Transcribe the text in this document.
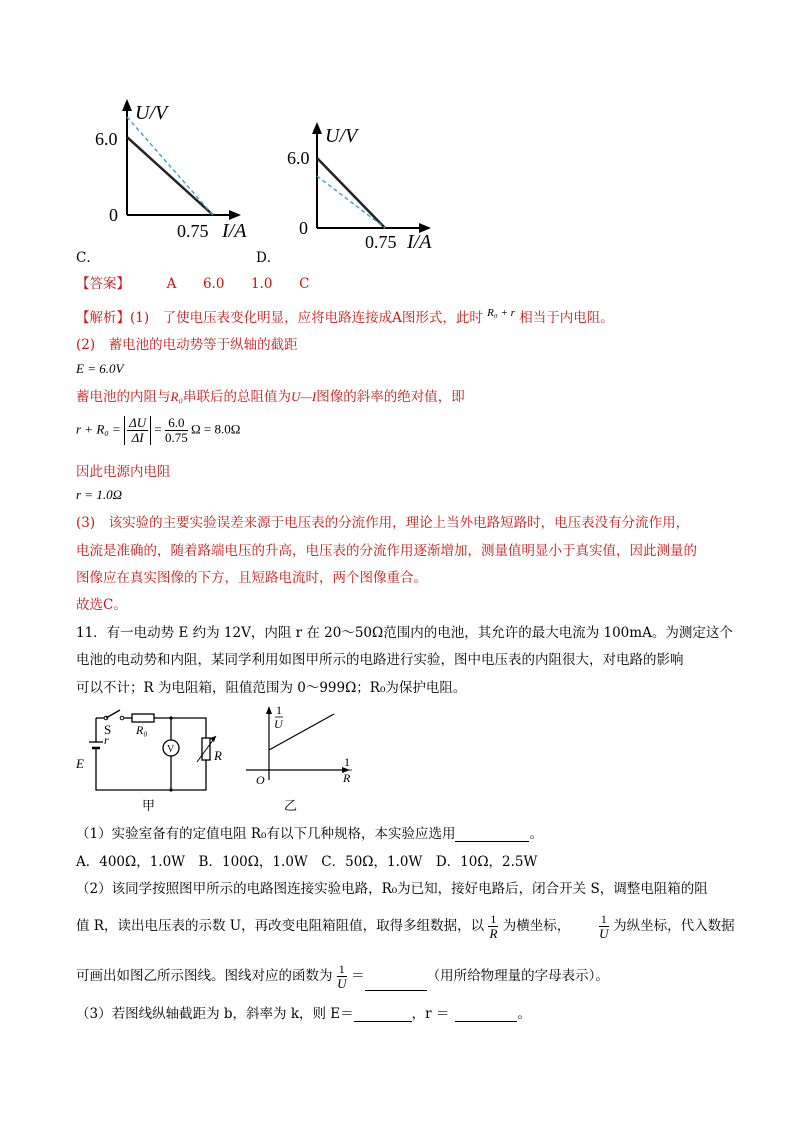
U/V
6.0
0
0.75 I/A
C．
U/V
6.0
0
0.75 I/A
D．
【答案】	A 6.0 1.0 C
【解析】(1)　了使电压表变化明显，应将电路连接成A图形式，此时 $^{R_0 + r}$ 相当于内电阻。
(2)　蓄电池的电动势等于纵轴的截距
E = 6.0V
蓄电池的内阻与R₀串联后的总阻值为U—I图像的斜率的绝对值，即
$r + R_0 = \frac{\Delta U}{\Delta I} = \frac{6.0}{0.75}$ Ω = 8.0Ω
因此电源内电阻
r = 1.0Ω
(3)　该实验的主要实验误差来源于电压表的分流作用，理论上当外电路短路时，电压表没有分流作用，
电流是准确的，随着路端电压的升高，电压表的分流作用逐渐增加，测量值明显小于真实值，因此测量的
图像应在真实图像的下方，且短路电流时，两个图像重合。
故选C。
11．有一电动势 E 约为 12V，内阻 r 在 20～50Ω范围内的电池，其允许的最大电流为 100mA。为测定这个
电池的电动势和内阻，某同学利用如图甲所示的电路进行实验，图中电压表的内阻很大，对电路的影响
可以不计；R 为电阻箱，阻值范围为 0～999Ω；R₀为保护电阻。
S R₀
V	R
E
r
甲
1
U
1
R
O
乙
（1）实验室备有的定值电阻 R₀有以下几种规格，本实验应选用	。
A．400Ω，1.0W　B．100Ω，1.0W　C．50Ω，1.0W　D．10Ω，2.5W
（2）该同学按照图甲所示的电路图连接实验电路，R₀为已知，接好电路后，闭合开关 S，调整电阻箱的阻
值 R，读出电压表的示数 U，再改变电阻箱阻值，取得多组数据，以 $\frac{1}{R}$ 为横坐标， $\frac{1}{U}$ 为纵坐标，代入数据
可画出如图乙所示图线。图线对应的函数为 $\frac{1}{U}$ ＝	（用所给物理量的字母表示）。
（3）若图线纵轴截距为 b，斜率为 k，则 E＝	，r ＝	。
